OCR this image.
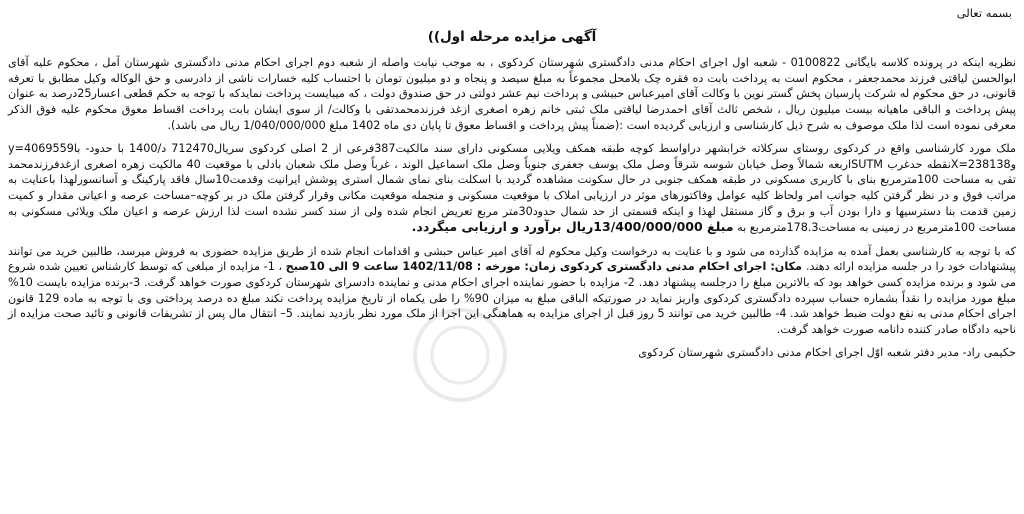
بسمه تعالی
آگهی مزایده مرحله اول))
نظریه اینکه در پرونده کلاسه بایگانی 0100822 - شعبه اول اجرای احکام مدنی دادگستری شهرستان کردکوی ، به موجب نیابت واصله از شعبه دوم اجرای احکام مدنی دادگستری شهرستان آمل ، محکوم علیه آقای ابوالحسن لیاقتی فرزند محمدجعفر ، محکوم است به پرداخت بابت ده فقره چک بلامحل مجموعاً به مبلغ سیصد و پنجاه و دو میلیون تومان با احتساب کلیه خسارات ناشی از دادرسی و حق الوکاله وکیل مطابق با تعرفه قانونی، در حق محکوم له شرکت پارسیان پخش گستر نوین با وکالت آقای امیرعباس حبیشی و پرداخت نیم عشر دولتی در حق صندوق دولت ، که میبایست پرداخت نمایدکه با توجه به حکم قطعی اعسار25درصد به عنوان پیش پرداخت و الباقی ماهیانه بیست میلیون ریال ، شخص ثالث آقای احمدرضا لیاقتی ملک ثبتی خانم زهره اصغری ازغد فرزندمحمدتقی با وکالت/ از سوی ایشان بابت پرداخت اقساط معوق محکوم علیه فوق الذکر معرفی نموده است لذا ملک موصوف به شرح ذیل کارشناسی و ارزیابی گردیده است :(ضمناً پیش پرداخت و اقساط معوق تا پایان دی ماه 1402 مبلغ 1/040/000/000 ریال می باشد).
ملک مورد کارشناسی واقع در کردکوی روستای سرکلاته خرابشهر دراواسط کوچه طبقه همکف ویلایی مسکونی دارای سند مالکیت387فرعی از 2 اصلی کردکوی سریال712470 د/1400 با حدود- با4069559=y و238138=Xنقطه حدغرب SUTMاربعه شمالاً وصل خیابان شوسه شرقاً وصل ملک یوسف جعفری جنوباً وصل ملک اسماعیل الوند ، غرباً وصل ملک شعبان بادلی با موقعیت 40 مالکیت زهره اصغری ازغدفرزندمحمد تقی به مساحت 100مترمربع بنای با کاربری مسکونی در طبقه همکف جنوبی در حال سکونت مشاهده گردید با اسکلت بنای نمای شمال استری پوشش ایرانیت وقدمت10سال فاقد پارکینگ و آسانسورلهذا باعنایت به مراتب فوق و در نظر گرفتن کلیه جوانب امر ولحاظ کلیه عوامل وفاکتورهای موثر در ارزیابی املاک با موقعیت مسکونی و منجمله موقعیت مکانی وقرار گرفتن ملک در بر کوچه–مساحت عرصه و اعیانی مقدار و کمیت زمین قدمت بنا دسترسیها و دارا بودن آب و برق و گاز مستقل لهذا و اینکه قسمتی از حد شمال حدود30متر مربع تعریض انجام شده ولی از سند کسر نشده است لذا ارزش عرصه و اعیان ملک ویلائی مسکونی به مساحت 100مترمربع در زمینی به مساحت178.3مترمربع به مبلغ 13/400/000/000ریال برآورد و ارزیابی میگردد.
که با توجه به کارشناسی بعمل آمده به مزایده گذارده می شود و با عنایت به درخواست وکیل محکوم له آقای امیر عباس حبشی و اقدامات انجام شده از طریق مزایده حضوری به فروش میرسد، طالبین خرید می توانند پیشنهادات خود را در جلسه مزایده ارائه دهند. مکان: اجرای احکام مدنی دادگستری کردکوی زمان: مورخه : 1402/11/08 ساعت 9 الی 10صبح ، 1- مزایده از مبلغی که توسط کارشناس تعیین شده شروع می شود و برنده مزایده کسی خواهد بود که بالاترین مبلغ را درجلسه پیشنهاد دهد. 2- مزایده با حضور نماینده اجرای احکام مدنی و نماینده دادسرای شهرستان کردکوی صورت خواهد گرفت. 3-برنده مزایده بایست 10% مبلغ مورد مزایده را نقداً بشماره حساب سپرده دادگستری کردکوی واریز نماید در صورتیکه الباقی مبلغ به میزان 90% را طی یکماه از تاریخ مزایده پرداخت نکند مبلغ ده درصد پرداختی وی با توجه به ماده 129 قانون اجرای احکام مدنی به نفع دولت ضبط خواهد شد. 4- طالبین خرید می توانند 5 روز قبل از اجرای مزایده به هماهنگی این اجرا از ملک مورد نظر بازدید نمایند. 5– انتقال مال پس از تشریفات قانونی و تائید صحت مزایده از ناحیه دادگاه صادر کننده دانامه صورت خواهد گرفت.
حکیمی راد- مدیر دفتر شعبه اوّل اجرای احکام مدنی دادگستری شهرستان کردکوی
